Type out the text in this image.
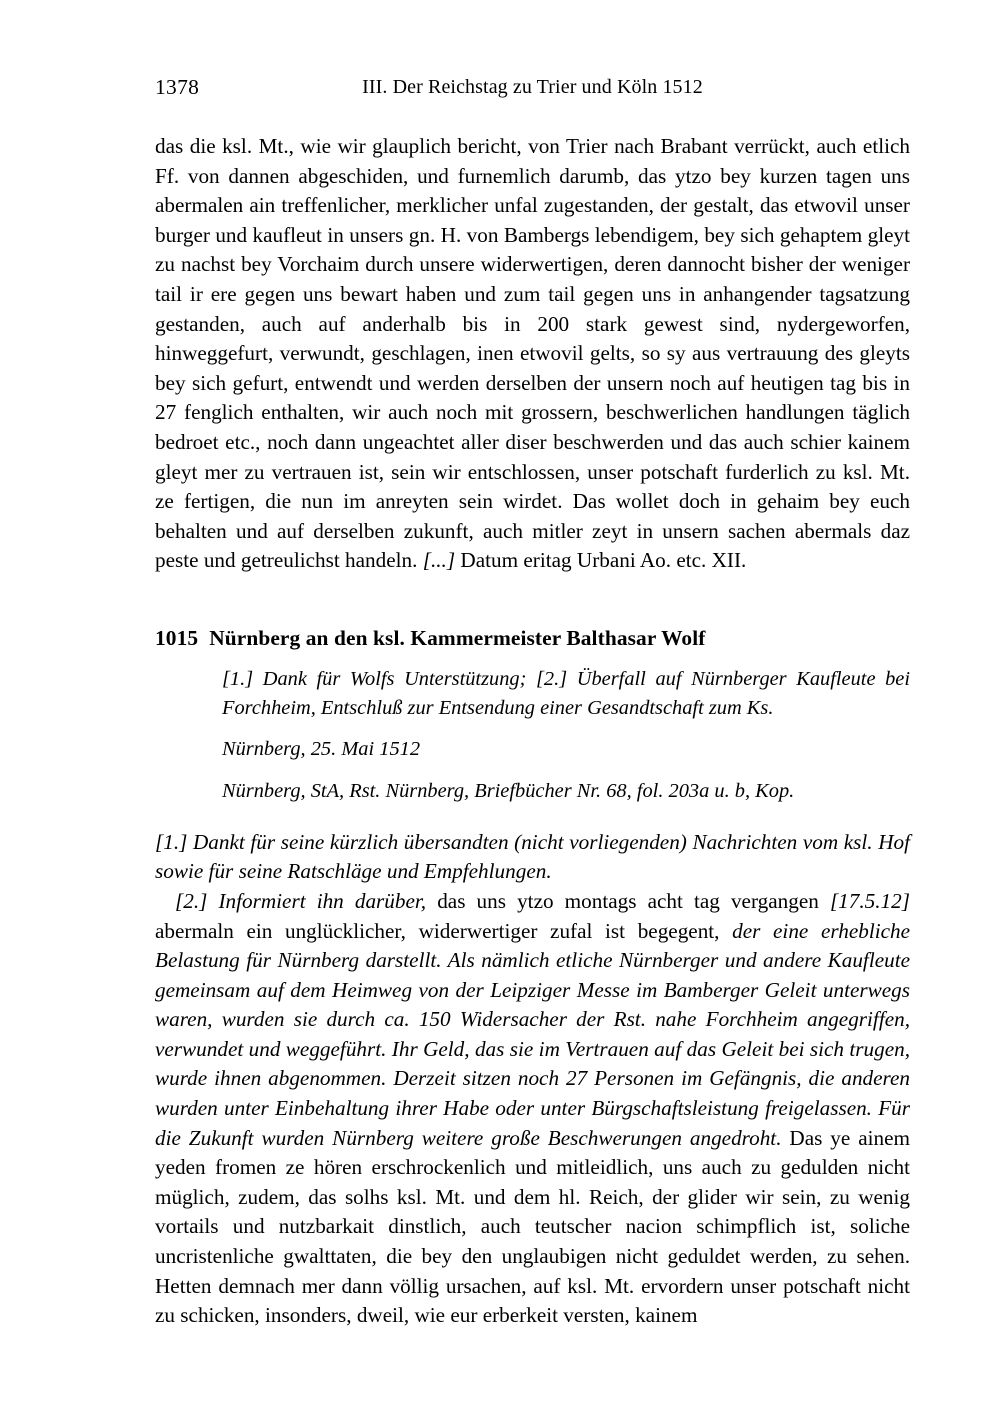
1378	III. Der Reichstag zu Trier und Köln 1512

das die ksl. Mt., wie wir glauplich bericht, von Trier nach Brabant verrückt, auch etlich Ff. von dannen abgeschiden, und furnemlich darumb, das ytzo bey kurzen tagen uns abermalen ain treffenlicher, merklicher unfal zugestanden, der gestalt, das etwovil unser burger und kaufleut in unsers gn. H. von Bambergs lebendigem, bey sich gehaptem gleyt zu nachst bey Vorchaim durch unsere widerwertigen, deren dannocht bisher der weniger tail ir ere gegen uns bewart haben und zum tail gegen uns in anhangender tagsatzung gestanden, auch auf anderhalb bis in 200 stark gewest sind, nydergeworfen, hinweggefurt, verwundt, geschlagen, inen etwovil gelts, so sy aus vertrauung des gleyts bey sich gefurt, entwendt und werden derselben der unsern noch auf heutigen tag bis in 27 fenglich enthalten, wir auch noch mit grossern, beschwerlichen handlungen täglich bedroet etc., noch dann ungeachtet aller diser beschwerden und das auch schier kainem gleyt mer zu vertrauen ist, sein wir entschlossen, unser potschaft furderlich zu ksl. Mt. ze fertigen, die nun im anreyten sein wirdet. Das wollet doch in gehaim bey euch behalten und auf derselben zukunft, auch mitler zeyt in unsern sachen abermals daz peste und getreulichst handeln. [...] Datum eritag Urbani Ao. etc. XII.

1015 Nürnberg an den ksl. Kammermeister Balthasar Wolf

[1.] Dank für Wolfs Unterstützung; [2.] Überfall auf Nürnberger Kaufleute bei Forchheim, Entschluß zur Entsendung einer Gesandtschaft zum Ks.

Nürnberg, 25. Mai 1512

Nürnberg, StA, Rst. Nürnberg, Briefbücher Nr. 68, fol. 203a u. b, Kop.

[1.] Dankt für seine kürzlich übersandten (nicht vorliegenden) Nachrichten vom ksl. Hof sowie für seine Ratschläge und Empfehlungen.

[2.] Informiert ihn darüber, das uns ytzo montags acht tag vergangen [17.5.12] abermaln ein unglücklicher, widerwertiger zufal ist begegent, der eine erhebliche Belastung für Nürnberg darstellt. Als nämlich etliche Nürnberger und andere Kaufleute gemeinsam auf dem Heimweg von der Leipziger Messe im Bamberger Geleit unterwegs waren, wurden sie durch ca. 150 Widersacher der Rst. nahe Forchheim angegriffen, verwundet und weggeführt. Ihr Geld, das sie im Vertrauen auf das Geleit bei sich trugen, wurde ihnen abgenommen. Derzeit sitzen noch 27 Personen im Gefängnis, die anderen wurden unter Einbehaltung ihrer Habe oder unter Bürgschaftsleistung freigelassen. Für die Zukunft wurden Nürnberg weitere große Beschwerungen angedroht. Das ye ainem yeden fromen ze hören erschrockenlich und mitleidlich, uns auch zu gedulden nicht müglich, zudem, das solhs ksl. Mt. und dem hl. Reich, der glider wir sein, zu wenig vortails und nutzbarkait dinstlich, auch teutscher nacion schimpflich ist, soliche uncristenliche gwalttaten, die bey den unglaubigen nicht geduldet werden, zu sehen. Hetten demnach mer dann völlig ursachen, auf ksl. Mt. ervordern unser potschaft nicht zu schicken, insonders, dweil, wie eur erberkeit versten, kainem
